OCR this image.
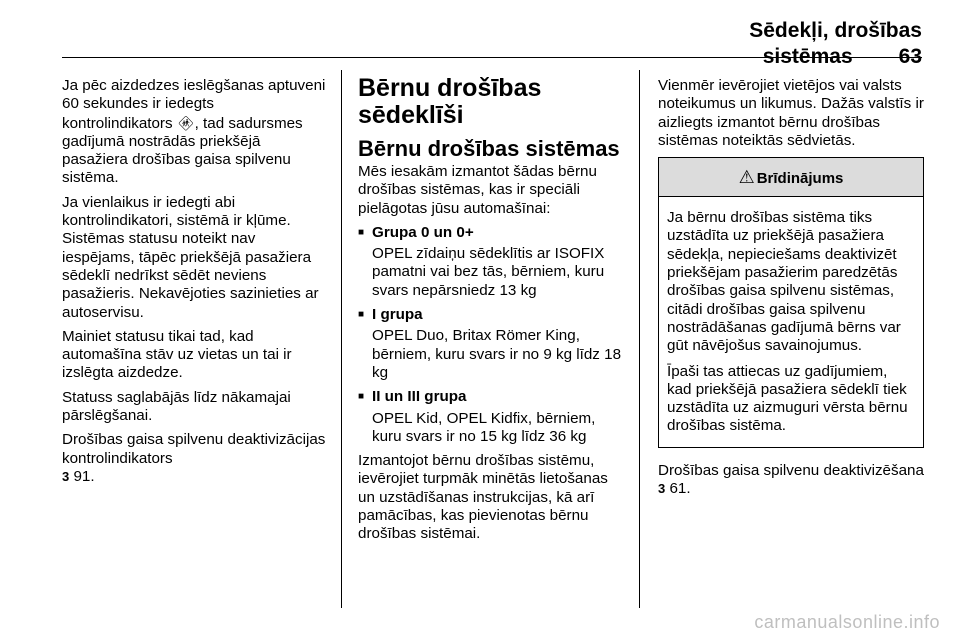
Sēdekļi, drošības sistēmas 63

Ja pēc aizdedzes ieslēgšanas aptuveni 60 sekundes ir iedegts kontrolindikators 🚸︎, tad sadursmes gadījumā nostrādās priekšējā pasažiera drošības gaisa spilvenu sistēma.

Ja vienlaikus ir iedegti abi kontrolindikatori, sistēmā ir kļūme. Sistēmas statusu noteikt nav iespējams, tāpēc priekšējā pasažiera sēdeklī nedrīkst sēdēt neviens pasažieris. Nekavējoties sazinieties ar autoservisu.

Mainiet statusu tikai tad, kad automašīna stāv uz vietas un tai ir izslēgta aizdedze.

Statuss saglabājās līdz nākamajai pārslēgšanai.

Drošības gaisa spilvenu deaktivizācijas kontrolindikators
3 91.

Bērnu drošības sēdeklīši
Bērnu drošības sistēmas

Mēs iesakām izmantot šādas bērnu drošības sistēmas, kas ir speciāli pielāgotas jūsu automašīnai:

■ Grupa 0 un 0+

OPEL zīdaiņu sēdeklītis ar ISOFIX pamatni vai bez tās, bērniem, kuru svars nepārsniedz 13 kg

■ I grupa

OPEL Duo, Britax Römer King, bērniem, kuru svars ir no 9 kg līdz 18 kg

■ II un III grupa

OPEL Kid, OPEL Kidfix, bērniem, kuru svars ir no 15 kg līdz 36 kg

Izmantojot bērnu drošības sistēmu, ievērojiet turpmāk minētās lietošanas un uzstādīšanas instrukcijas, kā arī pamācības, kas pievienotas bērnu drošības sistēmai.

Vienmēr ievērojiet vietējos vai valsts noteikumus un likumus. Dažās valstīs ir aizliegts izmantot bērnu drošības sistēmas noteiktās sēdvietās.

⚠ Brīdinājums

Ja bērnu drošības sistēma tiks uzstādīta uz priekšējā pasažiera sēdekļa, nepieciešams deaktivizēt priekšējam pasažierim paredzētās drošības gaisa spilvenu sistēmas, citādi drošības gaisa spilvenu nostrādāšanas gadījumā bērns var gūt nāvējošus savainojumus.

Īpaši tas attiecas uz gadījumiem, kad priekšējā pasažiera sēdeklī tiek uzstādīta uz aizmuguri vērsta bērnu drošības sistēma.

Drošības gaisa spilvenu deaktivizēšana
3 61.

carmanualsonline.info
